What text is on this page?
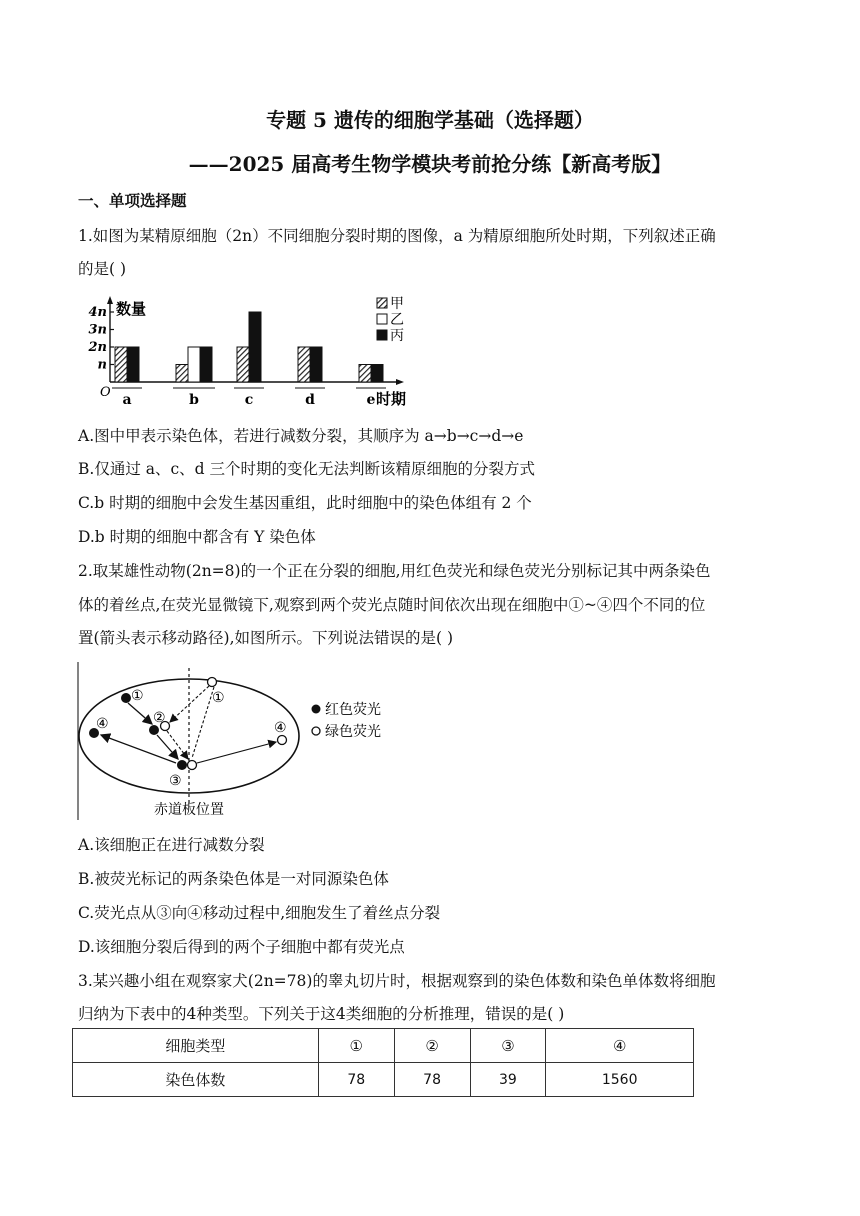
专题 5 遗传的细胞学基础（选择题）
——2025 届高考生物学模块考前抢分练【新高考版】
一、单项选择题
1.如图为某精原细胞（2n）不同细胞分裂时期的图像，a 为精原细胞所处时期，下列叙述正确
的是( )
数量
时期
O
4n
3n
2n
n
a	b	c	d	e
甲
乙
丙
A.图中甲表示染色体，若进行减数分裂，其顺序为 a→b→c→d→e
B.仅通过 a、c、d 三个时期的变化无法判断该精原细胞的分裂方式
C.b 时期的细胞中会发生基因重组，此时细胞中的染色体组有 2 个
D.b 时期的细胞中都含有 Y 染色体
2.取某雄性动物(2n=8)的一个正在分裂的细胞,用红色荧光和绿色荧光分别标记其中两条染色
体的着丝点,在荧光显微镜下,观察到两个荧光点随时间依次出现在细胞中①~④四个不同的位
置(箭头表示移动路径),如图所示。下列说法错误的是( )
①	①
②
③
④	④
红色荧光
绿色荧光
赤道板位置
A.该细胞正在进行减数分裂
B.被荧光标记的两条染色体是一对同源染色体
C.荧光点从③向④移动过程中,细胞发生了着丝点分裂
D.该细胞分裂后得到的两个子细胞中都有荧光点
3.某兴趣小组在观察家犬(2n=78)的睾丸切片时，根据观察到的染色体数和染色单体数将细胞
归纳为下表中的4种类型。下列关于这4类细胞的分析推理，错误的是( )
细胞类型	①	②	③	④
染色体数	78	78	39	1560
